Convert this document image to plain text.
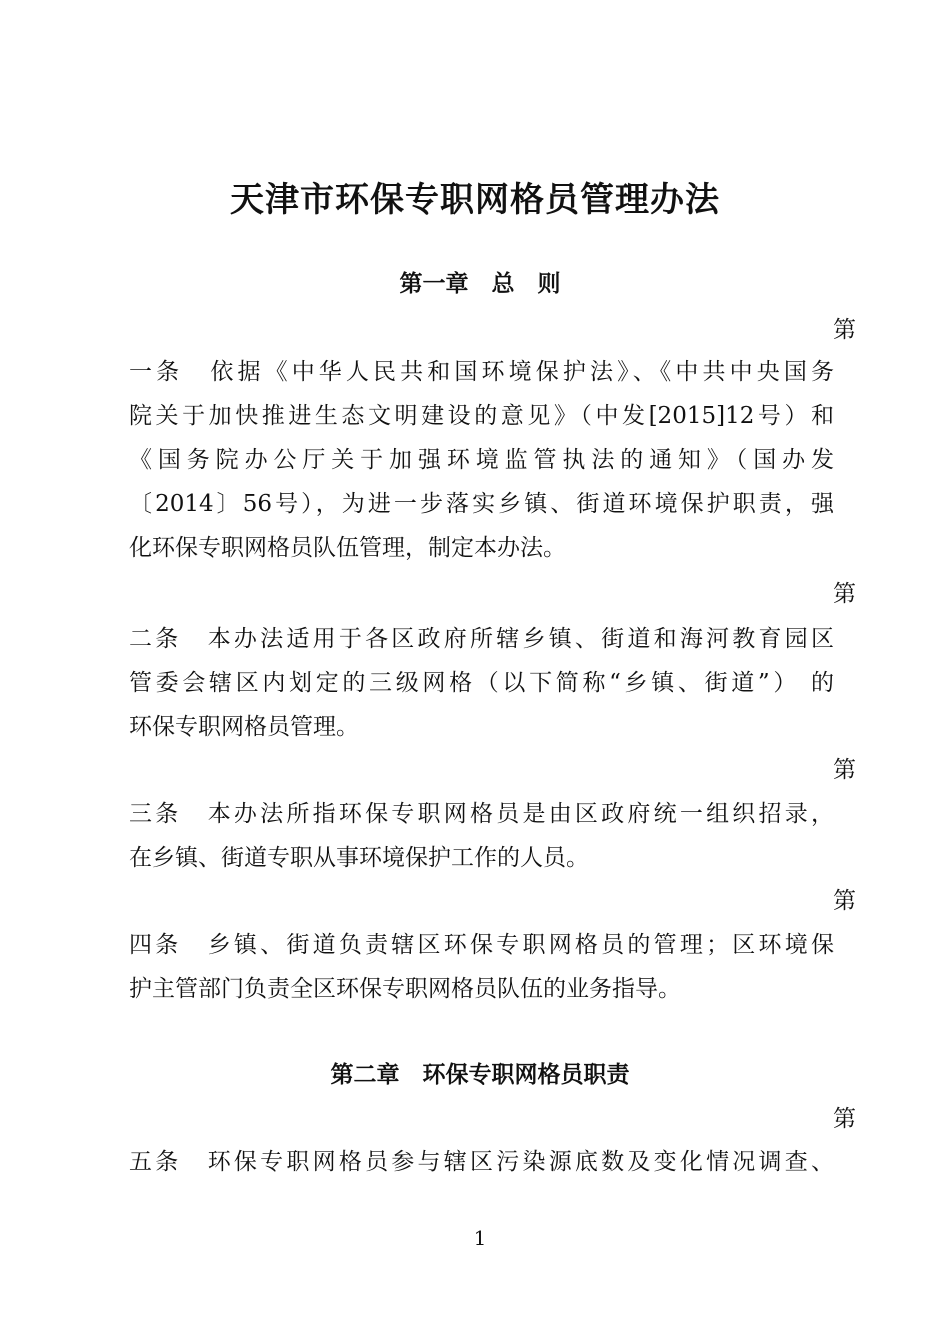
天津市环保专职网格员管理办法
第一章　总　则
第
一条　依据《中华人民共和国环境保护法》、《中共中央国务
院关于加快推进生态文明建设的意见》（中发[2015]12号）和
《国务院办公厅关于加强环境监管执法的通知》（国办发
〔2014〕56号），为进一步落实乡镇、街道环境保护职责，强
化环保专职网格员队伍管理，制定本办法。
第
二条　本办法适用于各区政府所辖乡镇、街道和海河教育园区
管委会辖区内划定的三级网格（以下简称“乡镇、街道”） 的
环保专职网格员管理。
第
三条　本办法所指环保专职网格员是由区政府统一组织招录，
在乡镇、街道专职从事环境保护工作的人员。
第
四条　乡镇、街道负责辖区环保专职网格员的管理；区环境保
护主管部门负责全区环保专职网格员队伍的业务指导。
第二章　环保专职网格员职责
第
五条　环保专职网格员参与辖区污染源底数及变化情况调查、
1
